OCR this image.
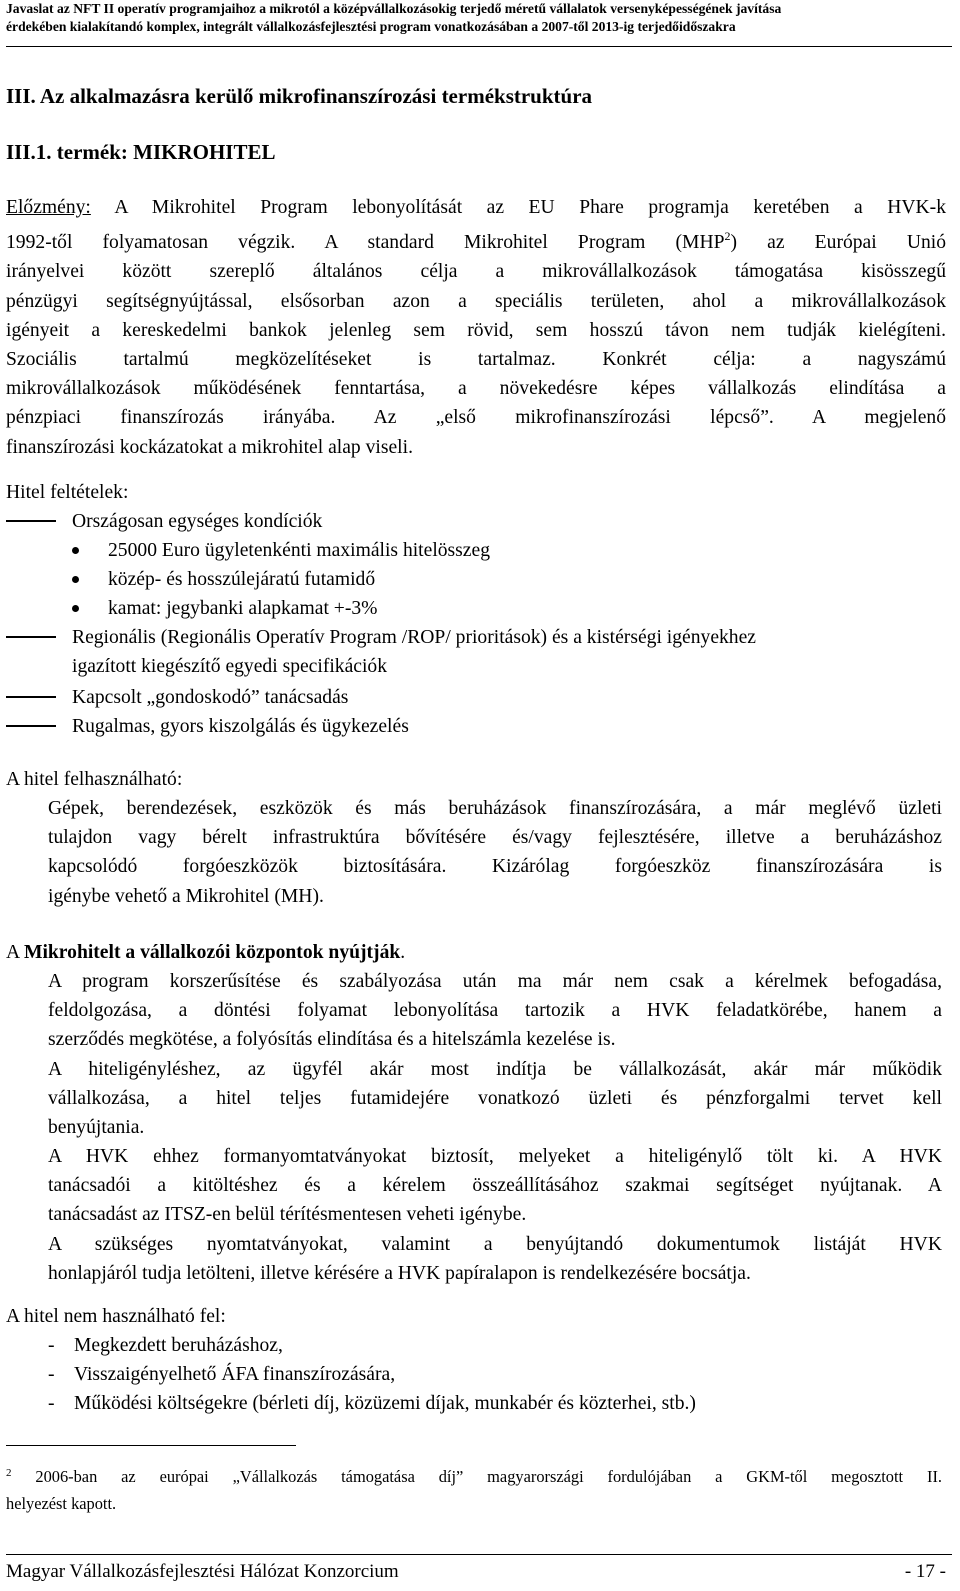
Javaslat az NFT II operatív programjaihoz a mikrotól a középvállalkozásokig terjedő méretű vállalatok versenyképességének javítása
érdekében kialakítandó komplex, integrált vállalkozásfejlesztési program vonatkozásában a 2007-től 2013-ig terjedőidőszakra
III. Az alkalmazásra kerülő mikrofinanszírozási termékstruktúra
III.1. termék: MIKROHITEL
Előzmény: A Mikrohitel Program lebonyolítását az EU Phare programja keretében a HVK-k
1992-től folyamatosan végzik. A standard Mikrohitel Program (MHP$^2$) az Európai Unió
irányelvei között szereplő általános célja a mikrovállalkozások támogatása kisösszegű
pénzügyi segítségnyújtással, elsősorban azon a speciális területen, ahol a mikrovállalkozások
igényeit a kereskedelmi bankok jelenleg sem rövid, sem hosszú távon nem tudják kielégíteni.
Szociális tartalmú megközelítéseket is tartalmaz. Konkrét célja: a nagyszámú
mikrovállalkozások működésének fenntartása, a növekedésre képes vállalkozás elindítása a
pénzpiaci finanszírozás irányába. Az „első mikrofinanszírozási lépcső”. A megjelenő
finanszírozási kockázatokat a mikrohitel alap viseli.
Hitel feltételek:
Országosan egységes kondíciók
25000 Euro ügyletenkénti maximális hitelösszeg
közép- és hosszúlejáratú futamidő
kamat: jegybanki alapkamat +-3%
Regionális (Regionális Operatív Program /ROP/ prioritások) és a kistérségi igényekhez
igazított kiegészítő egyedi specifikációk
Kapcsolt „gondoskodó” tanácsadás
Rugalmas, gyors kiszolgálás és ügykezelés
A hitel felhasználható:
Gépek, berendezések, eszközök és más beruházások finanszírozására, a már meglévő üzleti
tulajdon vagy bérelt infrastruktúra bővítésére és/vagy fejlesztésére, illetve a beruházáshoz
kapcsolódó forgóeszközök biztosítására. Kizárólag forgóeszköz finanszírozására is
igénybe vehető a Mikrohitel (MH).
A Mikrohitelt a vállalkozói központok nyújtják.
A program korszerűsítése és szabályozása után ma már nem csak a kérelmek befogadása,
feldolgozása, a döntési folyamat lebonyolítása tartozik a HVK feladatkörébe, hanem a
szerződés megkötése, a folyósítás elindítása és a hitelszámla kezelése is.
A hiteligényléshez, az ügyfél akár most indítja be vállalkozását, akár már működik
vállalkozása, a hitel teljes futamidejére vonatkozó üzleti és pénzforgalmi tervet kell
benyújtania.
A HVK ehhez formanyomtatványokat biztosít, melyeket a hiteligénylő tölt ki. A HVK
tanácsadói a kitöltéshez és a kérelem összeállításához szakmai segítséget nyújtanak. A
tanácsadást az ITSZ-en belül térítésmentesen veheti igénybe.
A szükséges nyomtatványokat, valamint a benyújtandó dokumentumok listáját HVK
honlapjáról tudja letölteni, illetve kérésére a HVK papíralapon is rendelkezésére bocsátja.
A hitel nem használható fel:
- Megkezdett beruházáshoz,
- Visszaigényelhető ÁFA finanszírozására,
- Működési költségekre (bérleti díj, közüzemi díjak, munkabér és közterhei, stb.)
$^2$ 2006-ban az európai „Vállalkozás támogatása díj” magyarországi fordulójában a GKM-től megosztott II.
helyezést kapott.
Magyar Vállalkozásfejlesztési Hálózat Konzorcium	- 17 -
